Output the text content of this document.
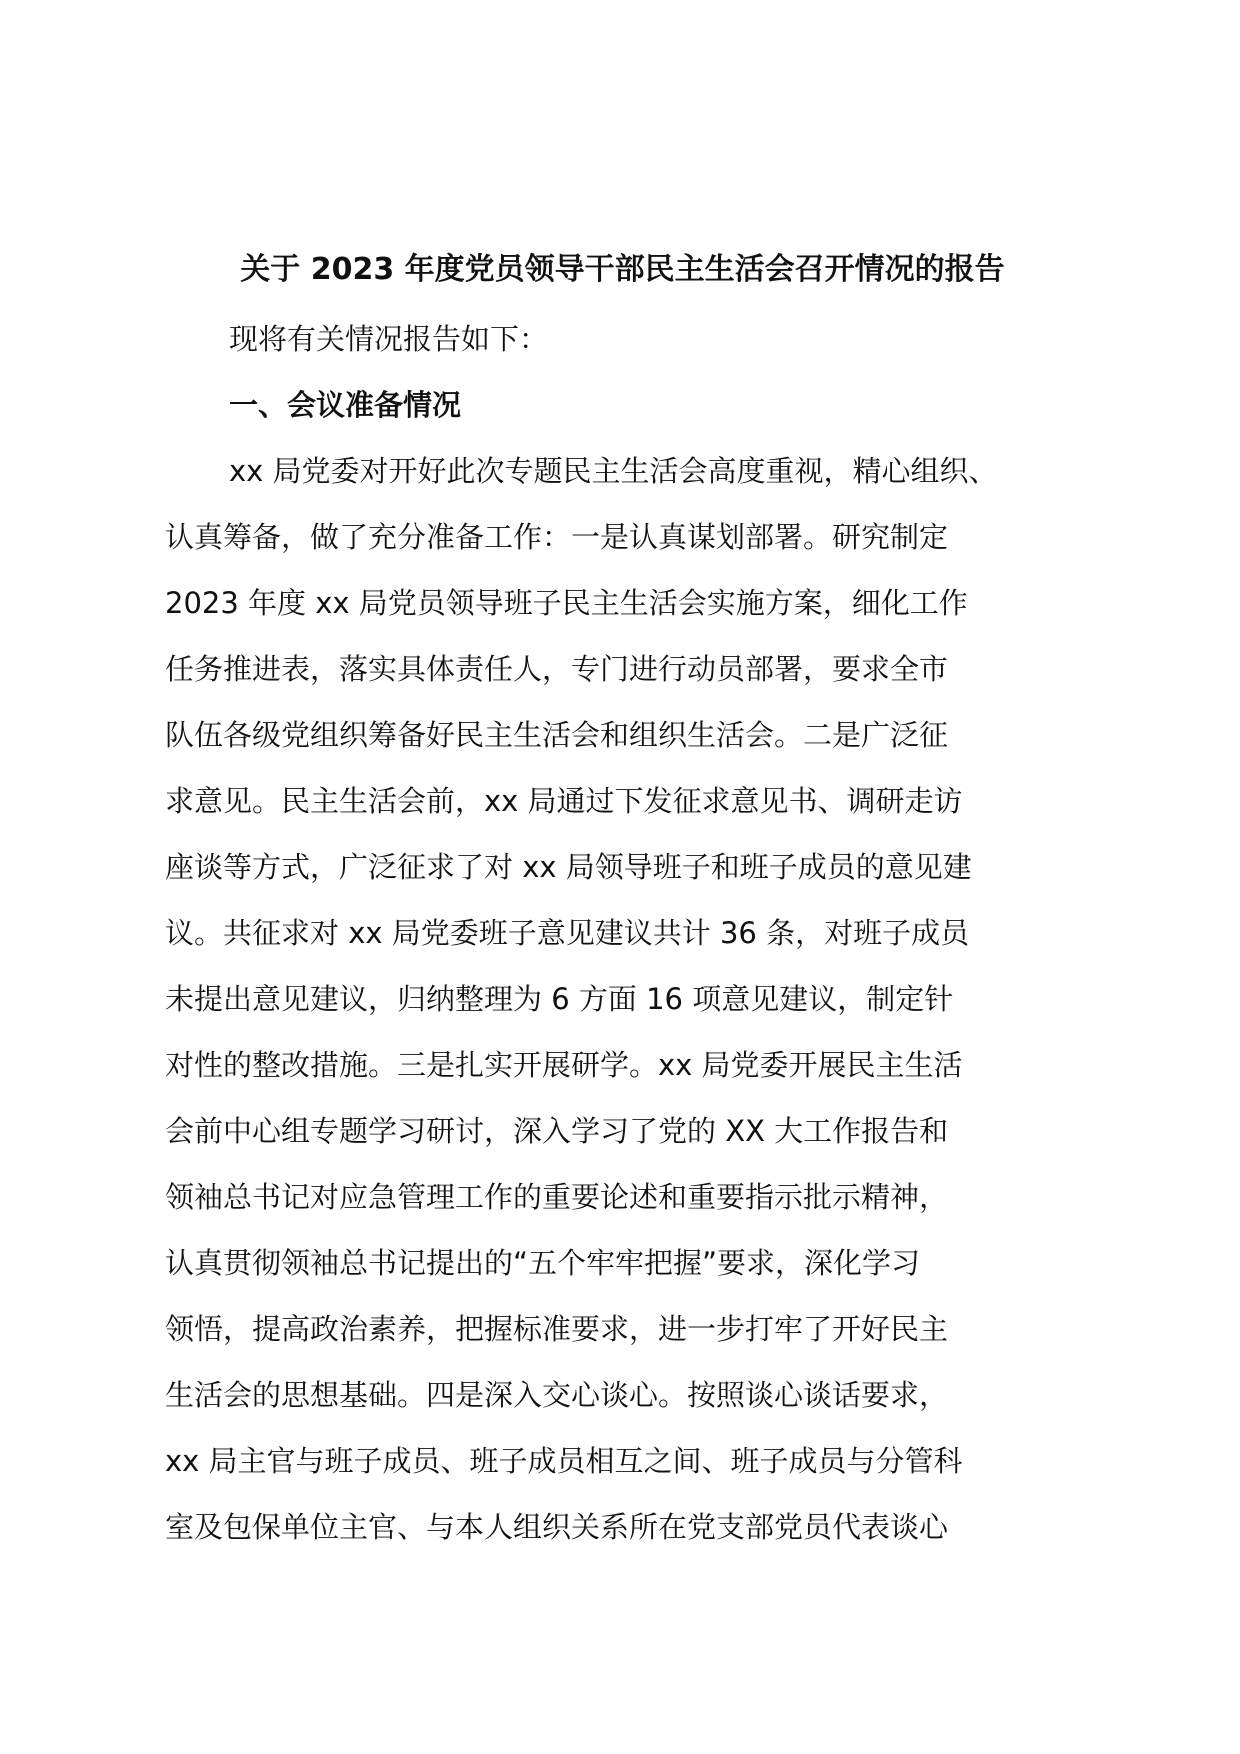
关于 2023 年度党员领导干部民主生活会召开情况的报告

现将有关情况报告如下：

一、会议准备情况

xx 局党委对开好此次专题民主生活会高度重视，精心组织、

认真筹备，做了充分准备工作：一是认真谋划部署。研究制定

2023 年度 xx 局党员领导班子民主生活会实施方案，细化工作

任务推进表，落实具体责任人，专门进行动员部署，要求全市

队伍各级党组织筹备好民主生活会和组织生活会。二是广泛征

求意见。民主生活会前，xx 局通过下发征求意见书、调研走访

座谈等方式，广泛征求了对 xx 局领导班子和班子成员的意见建

议。共征求对 xx 局党委班子意见建议共计 36 条，对班子成员

未提出意见建议，归纳整理为 6 方面 16 项意见建议，制定针

对性的整改措施。三是扎实开展研学。xx 局党委开展民主生活

会前中心组专题学习研讨，深入学习了党的 XX 大工作报告和

领袖总书记对应急管理工作的重要论述和重要指示批示精神，

认真贯彻领袖总书记提出的“五个牢牢把握”要求，深化学习

领悟，提高政治素养，把握标准要求，进一步打牢了开好民主

生活会的思想基础。四是深入交心谈心。按照谈心谈话要求，

xx 局主官与班子成员、班子成员相互之间、班子成员与分管科

室及包保单位主官、与本人组织关系所在党支部党员代表谈心
